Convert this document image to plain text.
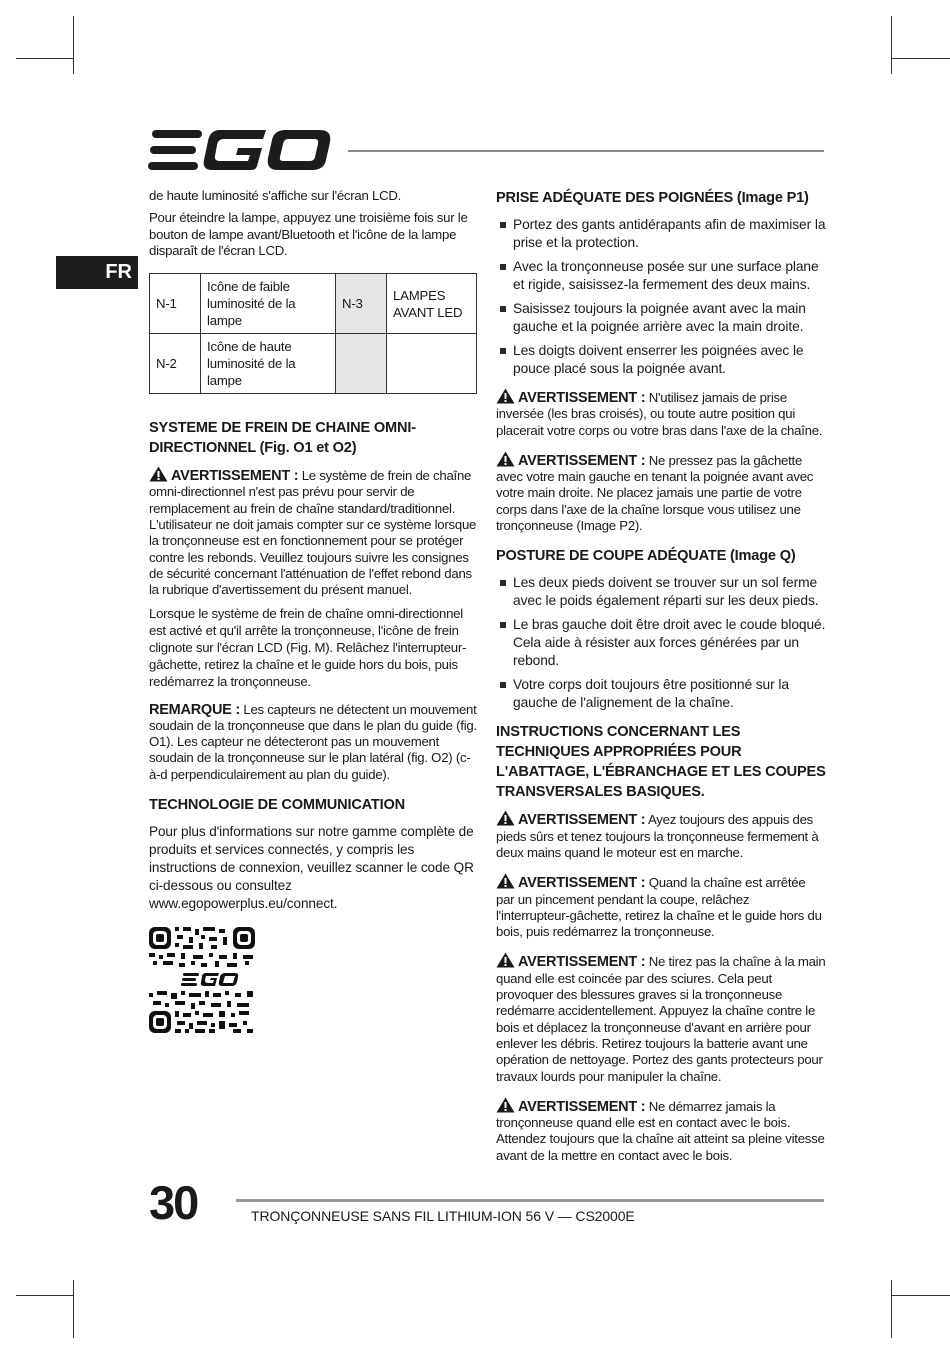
FR

de haute luminosité s'affiche sur l'écran LCD.

Pour éteindre la lampe, appuyez une troisième fois sur le bouton de lampe avant/Bluetooth et l'icône de la lampe disparaît de l'écran LCD.

N-1	Icône de faible luminosité de la lampe	N-3	LAMPES AVANT LED
N-2	Icône de haute luminosité de la lampe		
SYSTEME DE FREIN DE CHAINE OMNI-DIRECTIONNEL (Fig. O1 et O2)

AVERTISSEMENT : Le système de frein de chaîne omni-directionnel n'est pas prévu pour servir de remplacement au frein de chaîne standard/traditionnel. L'utilisateur ne doit jamais compter sur ce système lorsque la tronçonneuse est en fonctionnement pour se protéger contre les rebonds. Veuillez toujours suivre les consignes de sécurité concernant l'atténuation de l'effet rebond dans la rubrique d'avertissement du présent manuel.

Lorsque le système de frein de chaîne omni-directionnel est activé et qu'il arrête la tronçonneuse, l'icône de frein clignote sur l'écran LCD (Fig. M). Relâchez l'interrupteur-gâchette, retirez la chaîne et le guide hors du bois, puis redémarrez la tronçonneuse.

REMARQUE : Les capteurs ne détectent un mouvement soudain de la tronçonneuse que dans le plan du guide (fig. O1). Les capteur ne détecteront pas un mouvement soudain de la tronçonneuse sur le plan latéral (fig. O2) (c-à-d perpendiculairement au plan du guide).

TECHNOLOGIE DE COMMUNICATION

Pour plus d'informations sur notre gamme complète de produits et services connectés, y compris les instructions de connexion, veuillez scanner le code QR ci-dessous ou consultez www.egopowerplus.eu/connect.

PRISE ADÉQUATE DES POIGNÉES (Image P1)
Portez des gants antidérapants afin de maximiser la prise et la protection.
Avec la tronçonneuse posée sur une surface plane et rigide, saisissez-la fermement des deux mains.
Saisissez toujours la poignée avant avec la main gauche et la poignée arrière avec la main droite.
Les doigts doivent enserrer les poignées avec le pouce placé sous la poignée avant.

AVERTISSEMENT : N'utilisez jamais de prise inversée (les bras croisés), ou toute autre position qui placerait votre corps ou votre bras dans l'axe de la chaîne.

AVERTISSEMENT : Ne pressez pas la gâchette avec votre main gauche en tenant la poignée avant avec votre main droite. Ne placez jamais une partie de votre corps dans l'axe de la chaîne lorsque vous utilisez une tronçonneuse (Image P2).

POSTURE DE COUPE ADÉQUATE (Image Q)
Les deux pieds doivent se trouver sur un sol ferme avec le poids également réparti sur les deux pieds.
Le bras gauche doit être droit avec le coude bloqué. Cela aide à résister aux forces générées par un rebond.
Votre corps doit toujours être positionné sur la gauche de l'alignement de la chaîne.
INSTRUCTIONS CONCERNANT LES TECHNIQUES APPROPRIÉES POUR L'ABATTAGE, L'ÉBRANCHAGE ET LES COUPES TRANSVERSALES BASIQUES.

AVERTISSEMENT : Ayez toujours des appuis des pieds sûrs et tenez toujours la tronçonneuse fermement à deux mains quand le moteur est en marche.

AVERTISSEMENT : Quand la chaîne est arrêtée par un pincement pendant la coupe, relâchez l'interrupteur-gâchette, retirez la chaîne et le guide hors du bois, puis redémarrez la tronçonneuse.

AVERTISSEMENT : Ne tirez pas la chaîne à la main quand elle est coincée par des sciures. Cela peut provoquer des blessures graves si la tronçonneuse redémarre accidentellement. Appuyez la chaîne contre le bois et déplacez la tronçonneuse d'avant en arrière pour enlever les débris. Retirez toujours la batterie avant une opération de nettoyage. Portez des gants protecteurs pour travaux lourds pour manipuler la chaîne.

AVERTISSEMENT : Ne démarrez jamais la tronçonneuse quand elle est en contact avec le bois. Attendez toujours que la chaîne ait atteint sa pleine vitesse avant de la mettre en contact avec le bois.

30	TRONÇONNEUSE SANS FIL LITHIUM-ION 56 V — CS2000E
